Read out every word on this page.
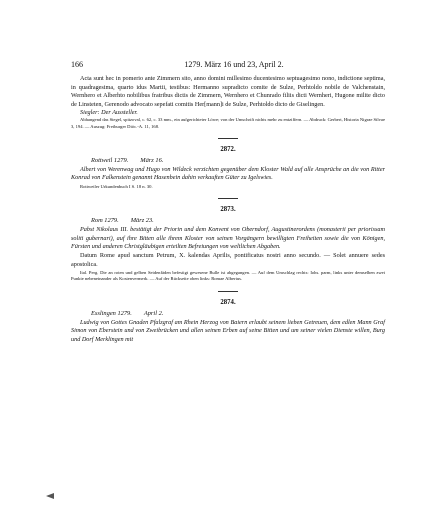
166	1279. März 16 und 23, April 2.

Acta sunt hec in pomerio ante Zimmern sito, anno domini millesimo ducentesimo septuagesimo nono, indictione septima, in quadragesima, quarto idus Martii, testibus: Hermanno supradicto comite de Sulze, Perhtoldo nobile de Valchenstain, Wernhero et Alberhto nobilibus fratribus dictis de Zimmern, Wernhero et Chunrado filiis dicti Wernheri, Hugone milite dicto de Linsteten, Gerenodo advocato sepefati comitis Her[mann]i de Sulze, Perhtoldo dicto de Giselingen.

Siegler: Der Aussteller.

Abhangend das Siegel, spitzoval, c. 62, c. 33 mm., ein aufgerichteter Löwe; von der Umschrift nichts mehr zu entziffern. — Abdruck: Gerbert, Historia Nigrae Silvae 3, 194. — Auszug: Freiburger Diöc.-A. 11, 168.

2872.

Rottweil 1279. März 16.

Albert von Werenwag und Hugo von Wildeck verzichten gegenüber dem Kloster Wald auf alle Ansprüche an die von Ritter Konrad von Falkenstein genannt Hasenbein dahin verkauften Güter zu Igelswies.

Rottweiler Urkundenbuch I S. 18 n. 30.

2873.

Rom 1279. März 23.

Pabst Nikolaus III. bestätigt der Priorin und dem Konvent von Oberndorf, Augustinerordens (monasterii per priorissam soliti gubernari), auf ihre Bitten alle ihrem Kloster von seinen Vorgängern bewilligten Freiheiten sowie die von Königen, Fürsten und anderen Christgläubigen erteilten Befreiungen von weltlichen Abgaben.

Datum Rome apud sanctum Petrum, X. kalendas Aprilis, pontificatus nostri anno secundo. — Solet annuere sedes apostolica.

Ital. Perg. Die an roten und gelben Seidenfäden befestigt gewesene Bulle ist abgegangen. — Auf dem Umschlag rechts: Iohs. parm, links unter demselben zwei Punkte nebeneinander als Kostenvermerk. — Auf der Rückseite oben links: Romae Albertus.

2874.

Esslingen 1279. April 2.

Ludwig von Gottes Gnaden Pfalzgraf am Rhein Herzog von Baiern erlaubt seinem lieben Getreuen, dem edlen Mann Graf Simon von Eberstein und von Zweibrücken und allen seinen Erben auf seine Bitten und um seiner vielen Dienste willen, Burg und Dorf Merklingen mit
